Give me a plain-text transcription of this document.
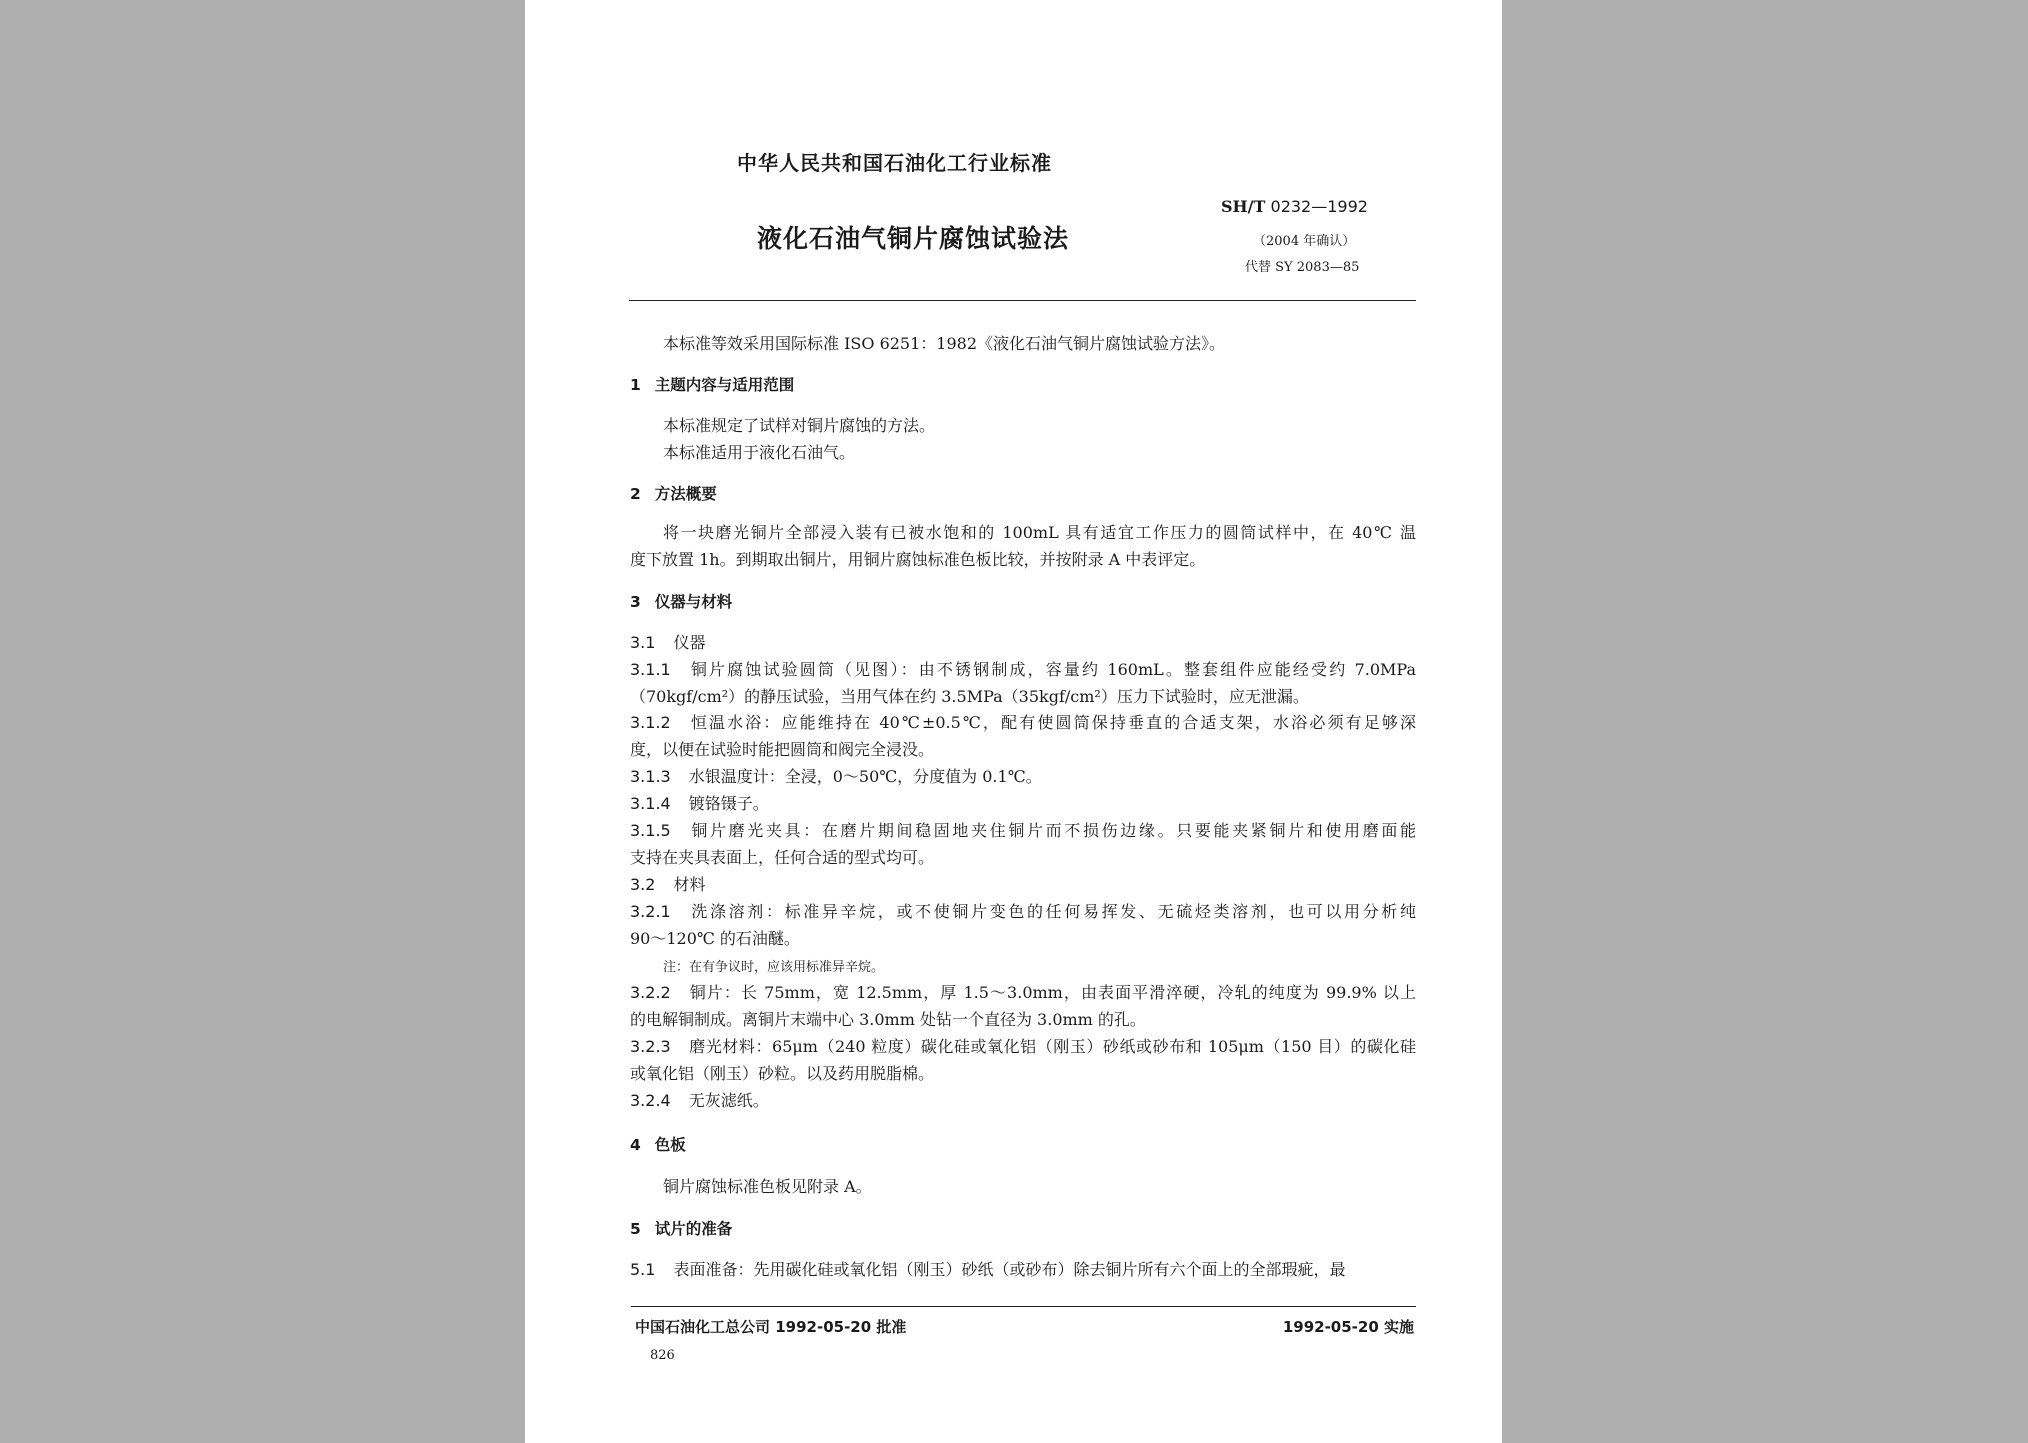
中华人民共和国石油化工行业标准
液化石油气铜片腐蚀试验法
SH/T 0232—1992
（2004 年确认）
代替 SY 2083—85
本标准等效采用国际标准 ISO 6251：1982《液化石油气铜片腐蚀试验方法》。
1 主题内容与适用范围
本标准规定了试样对铜片腐蚀的方法。
本标准适用于液化石油气。
2 方法概要
将一块磨光铜片全部浸入装有已被水饱和的 100mL 具有适宜工作压力的圆筒试样中，在 40℃ 温
度下放置 1h。到期取出铜片，用铜片腐蚀标准色板比较，并按附录 A 中表评定。
3 仪器与材料
3.1 仪器
3.1.1 铜片腐蚀试验圆筒（见图）：由不锈钢制成，容量约 160mL。整套组件应能经受约 7.0MPa
（70kgf/cm²）的静压试验，当用气体在约 3.5MPa（35kgf/cm²）压力下试验时，应无泄漏。
3.1.2 恒温水浴：应能维持在 40℃±0.5℃，配有使圆筒保持垂直的合适支架，水浴必须有足够深
度，以便在试验时能把圆筒和阀完全浸没。
3.1.3 水银温度计：全浸，0～50℃，分度值为 0.1℃。
3.1.4 镀铬镊子。
3.1.5 铜片磨光夹具：在磨片期间稳固地夹住铜片而不损伤边缘。只要能夹紧铜片和使用磨面能
支持在夹具表面上，任何合适的型式均可。
3.2 材料
3.2.1 洗涤溶剂：标准异辛烷，或不使铜片变色的任何易挥发、无硫烃类溶剂，也可以用分析纯
90～120℃ 的石油醚。
注：在有争议时，应该用标准异辛烷。
3.2.2 铜片：长 75mm，宽 12.5mm，厚 1.5～3.0mm，由表面平滑淬硬，冷轧的纯度为 99.9% 以上
的电解铜制成。离铜片末端中心 3.0mm 处钻一个直径为 3.0mm 的孔。
3.2.3 磨光材料：65μm（240 粒度）碳化硅或氧化铝（刚玉）砂纸或砂布和 105μm（150 目）的碳化硅
或氧化铝（刚玉）砂粒。以及药用脱脂棉。
3.2.4 无灰滤纸。
4 色板
铜片腐蚀标准色板见附录 A。
5 试片的准备
5.1 表面准备：先用碳化硅或氧化铝（刚玉）砂纸（或砂布）除去铜片所有六个面上的全部瑕疵，最
中国石油化工总公司 1992-05-20 批准	1992-05-20 实施
826
